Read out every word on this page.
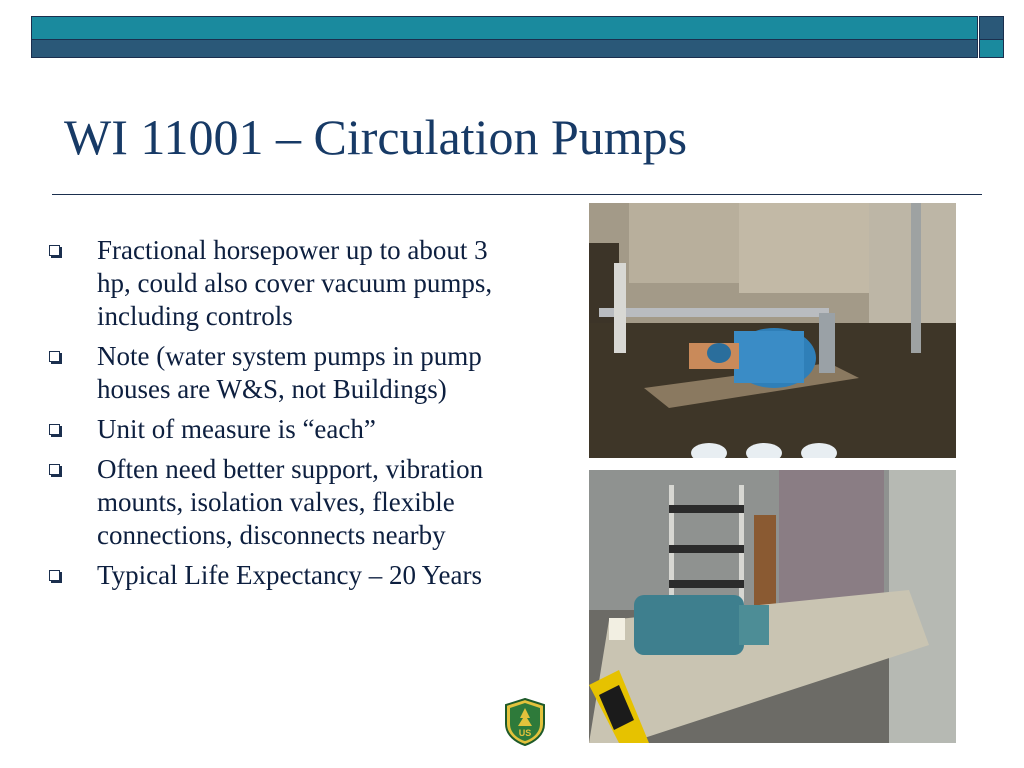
WI 11001 – Circulation Pumps
Fractional horsepower up to about 3 hp, could also cover vacuum pumps, including controls
Note (water system pumps in pump houses are W&S, not Buildings)
Unit of measure is “each”
Often need better support, vibration mounts, isolation valves, flexible connections, disconnects nearby
Typical Life Expectancy – 20 Years
US
